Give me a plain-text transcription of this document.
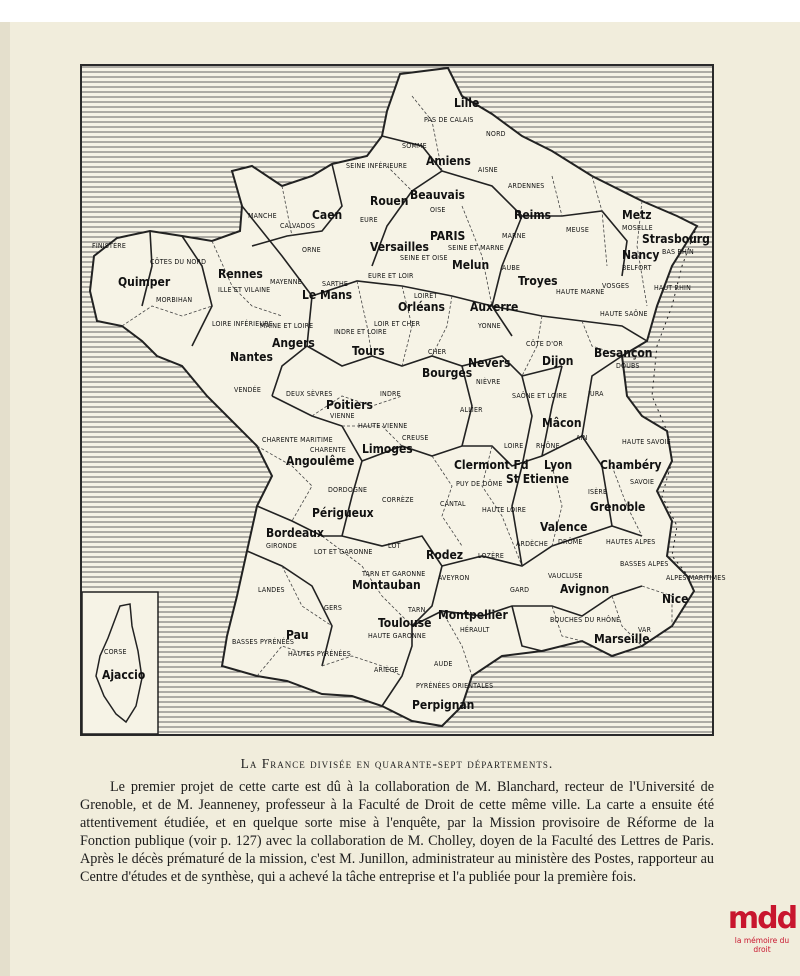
Lille
Amiens
Beauvais
Rouen
Caen	Reims	Metz
Strasbourg
Nancy
PARIS
Versailles
Melun
Troyes
Rennes
Quimper
Le Mans
Orléans Auxerre
Angers
Nantes	Tours
Dijon
Besançon
Bourges
Nevers
Poitiers
Mâcon
Limoges
Angoulême	Clermont Fd Lyon
St Etienne
Chambéry
Grenoble
Périgueux
Bordeaux	Valence
Rodez
Montauban	Avignon
Nice
Montpellier
Toulouse
Pau	Marseille
Perpignan
Ajaccio
PAS DE CALAIS
NORD
SOMME
AISNE
SEINE INFÉRIEURE
OISE
ARDENNES
MEUSE	MOSELLE
BAS RHIN
MANCHE
CALVADOS
ORNE
EURE
SEINE ET OISE
SEINE ET MARNE
MARNE
FINISTÈRE
CÔTES DU NORD
MORBIHAN
ILLE ET VILAINE
MAYENNE	SARTHE
EURE ET LOIR
AUBE
HAUTE MARNE
VOSGES	HAUT RHIN
LOIRET
YONNE
LOIRE INFÉRIEURE
MAINE ET LOIRE
INDRE ET LOIRE
LOIR ET CHER
HAUTE SAÔNE
CÔTE D'OR
DOUBS
VENDÉE	DEUX SÈVRES
VIENNE
INDRE
CHER
NIÈVRE
SAÔNE ET LOIRE	JURA
ALLIER
AIN
CHARENTE MARITIME
CHARENTE
HAUTE VIENNE
CREUSE
LOIRE RHÔNE	HAUTE SAVOIE
SAVOIE
PUY DE DÔME
CANTAL
HAUTE LOIRE
ISÈRE
DORDOGNE
CORRÈZE
GIRONDE	LOT	ARDÈCHE DRÔME	HAUTES ALPES
LOT ET GARONNE
AVEYRON
LOZÈRE
BASSES ALPES
ALPES MARITIMES
LANDES
TARN ET GARONNE
TARN
GARD
VAUCLUSE
GERS
HÉRAULT
BOUCHES DU RHÔNE
VAR
BASSES PYRÉNÉES
HAUTE GARONNE
HAUTES PYRÉNÉES
ARIÈGE
AUDE
PYRÉNÉES ORIENTALES
BELFORT
CORSE
La France divisée en quarante-sept départements.
Le premier projet de cette carte est dû à la collaboration de M. Blanchard, recteur de l'Université de Grenoble, et de M. Jeanneney, professeur à la Faculté de Droit de cette même ville. La carte a ensuite été attentivement étudiée, et en quelque sorte mise à l'enquête, par la Mission provisoire de Réforme de la Fonction publique (voir p. 127) avec la collaboration de M. Cholley, doyen de la Faculté des Lettres de Paris. Après le décès prématuré de la mission, c'est M. Junillon, administrateur au ministère des Postes, rapporteur au Centre d'études et de synthèse, qui a achevé la tâche entreprise et l'a publiée pour la première fois.
mdd
la mémoire du droit
